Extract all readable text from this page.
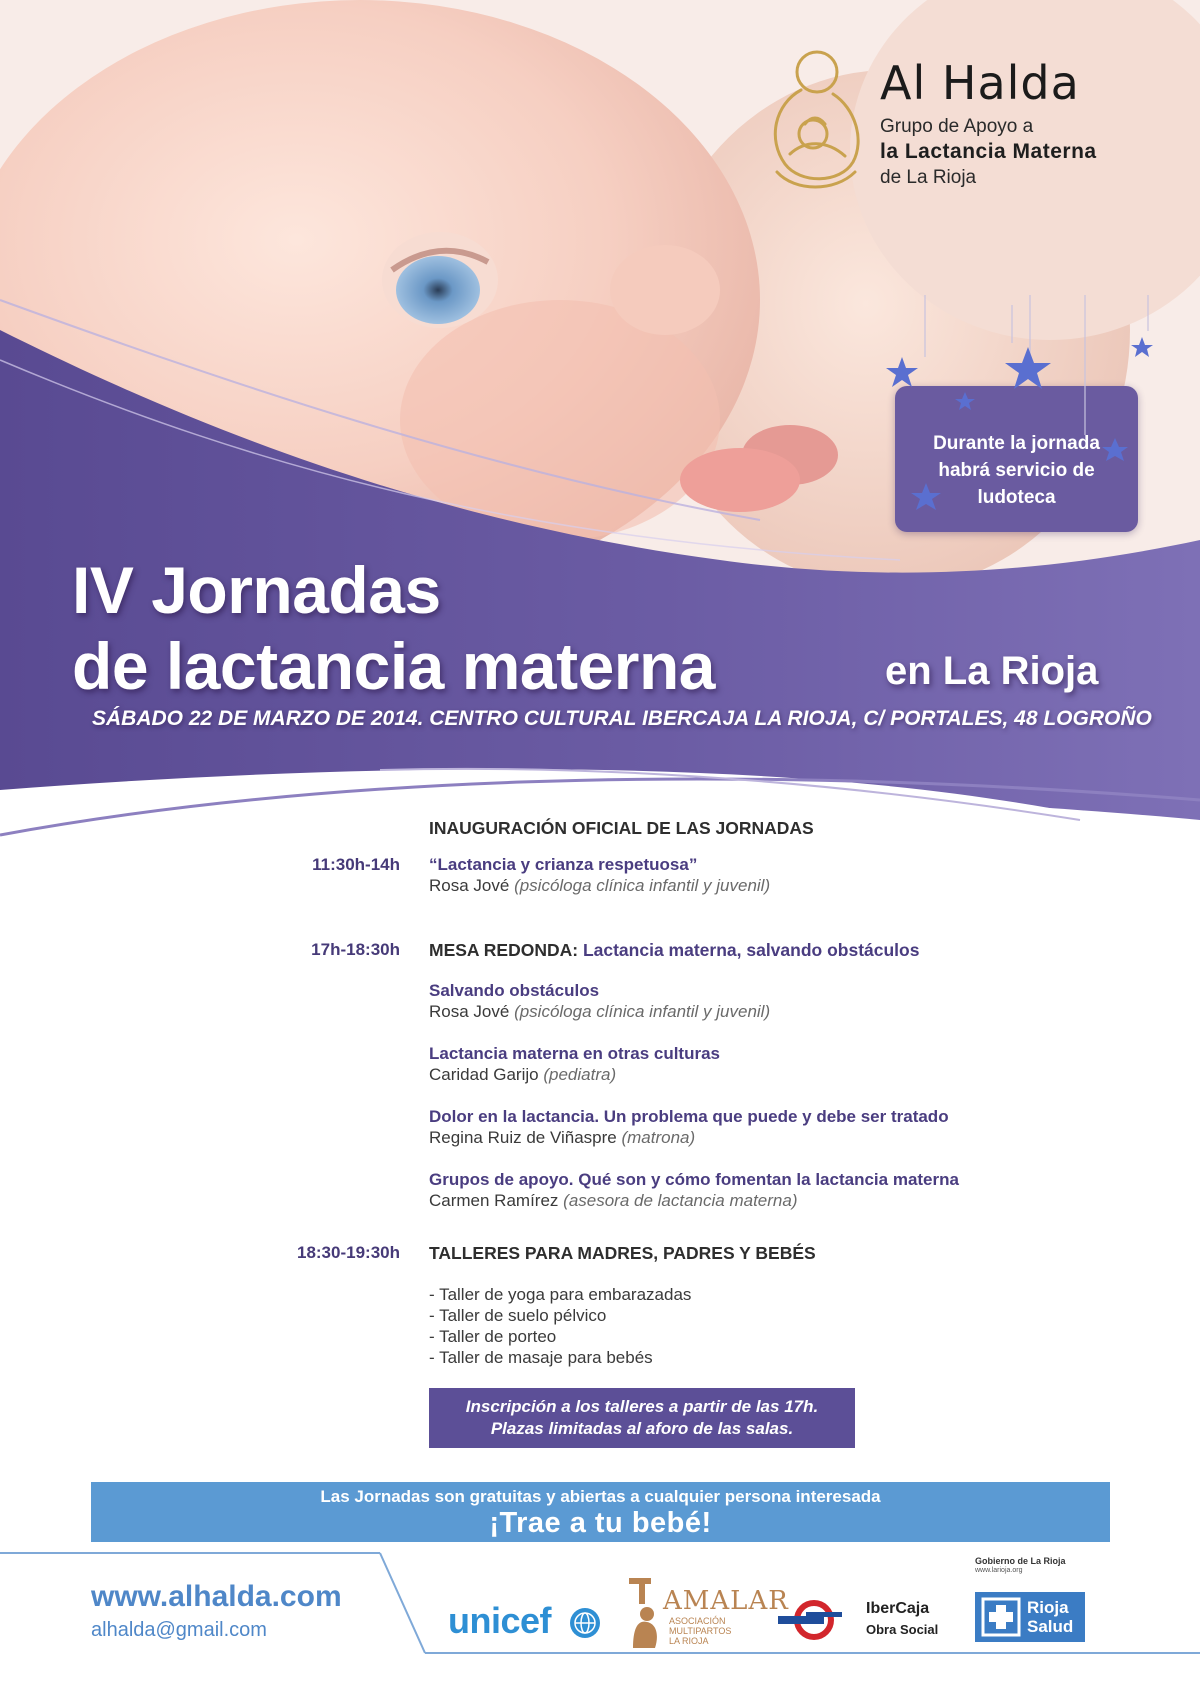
Al Halda
Grupo de Apoyo a
la Lactancia Materna
de La Rioja
Durante la jornada
habrá servicio de
ludoteca
IV Jornadas
de lactancia materna	en La Rioja
SÁBADO 22 DE MARZO DE 2014. CENTRO CULTURAL IBERCAJA LA RIOJA, C/ PORTALES, 48 LOGROÑO
INAUGURACIÓN OFICIAL DE LAS JORNADAS
11:30h-14h “Lactancia y crianza respetuosa”
Rosa Jové (psicóloga clínica infantil y juvenil)
17h-18:30h MESA REDONDA: Lactancia materna, salvando obstáculos
Salvando obstáculos
Rosa Jové (psicóloga clínica infantil y juvenil)
Lactancia materna en otras culturas
Caridad Garijo (pediatra)
Dolor en la lactancia. Un problema que puede y debe ser tratado
Regina Ruiz de Viñaspre (matrona)
Grupos de apoyo. Qué son y cómo fomentan la lactancia materna
Carmen Ramírez (asesora de lactancia materna)
18:30-19:30h TALLERES PARA MADRES, PADRES Y BEBÉS
- Taller de yoga para embarazadas
- Taller de suelo pélvico
- Taller de porteo
- Taller de masaje para bebés
Inscripción a los talleres a partir de las 17h.
Plazas limitadas al aforo de las salas.
Las Jornadas son gratuitas y abiertas a cualquier persona interesada
¡Trae a tu bebé!
www.alhalda.com
alhalda@gmail.com	unicef	AMALAR
ASOCIACIÓN
MULTIPARTOS
LA RIOJA
IberCaja
Obra Social
Gobierno de La Rioja
www.larioja.org
Rioja
Salud
